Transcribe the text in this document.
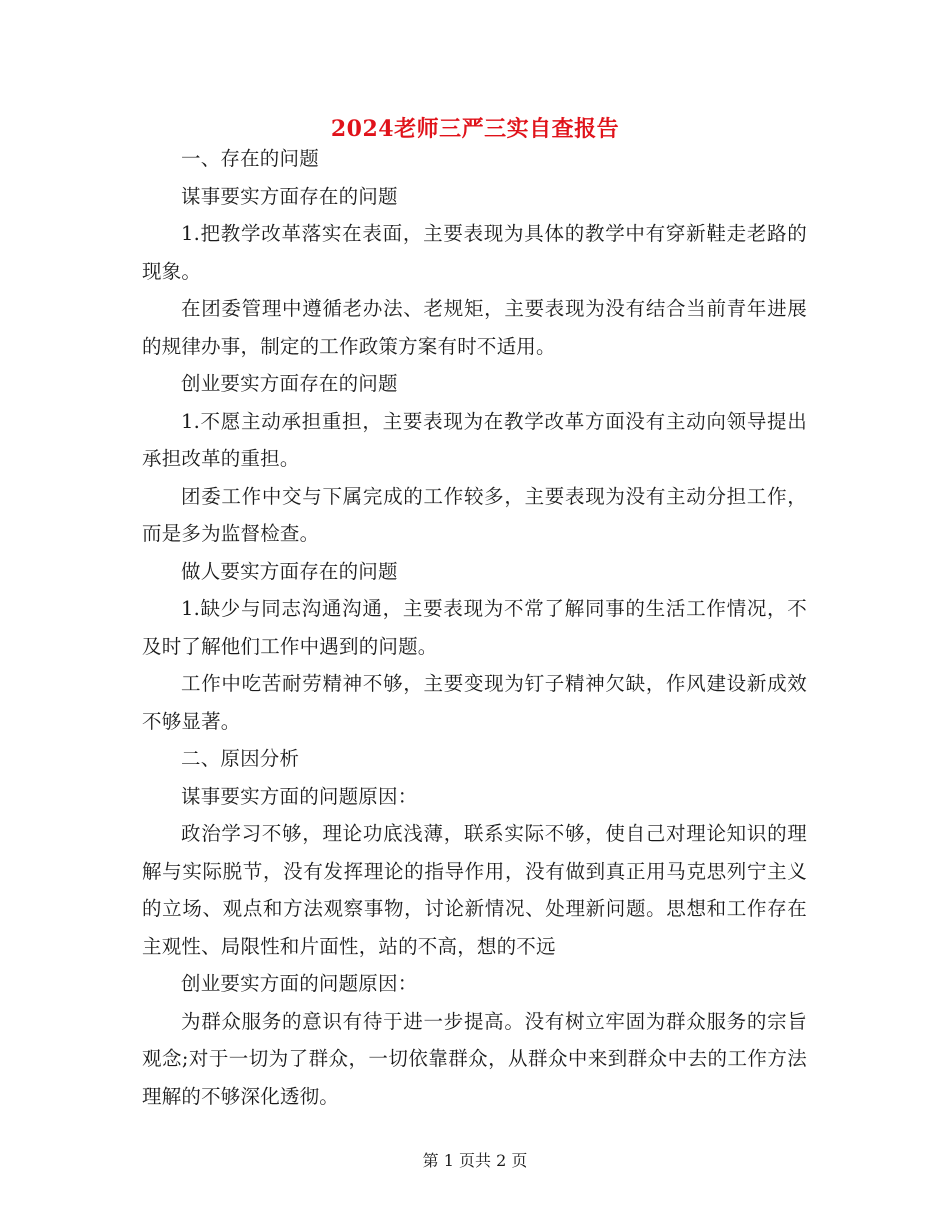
2024老师三严三实自查报告

一、存在的问题

谋事要实方面存在的问题

1.把教学改革落实在表面，主要表现为具体的教学中有穿新鞋走老路的现象。

在团委管理中遵循老办法、老规矩，主要表现为没有结合当前青年进展的规律办事，制定的工作政策方案有时不适用。

创业要实方面存在的问题

1.不愿主动承担重担，主要表现为在教学改革方面没有主动向领导提出承担改革的重担。

团委工作中交与下属完成的工作较多，主要表现为没有主动分担工作，而是多为监督检查。

做人要实方面存在的问题

1.缺少与同志沟通沟通，主要表现为不常了解同事的生活工作情况，不及时了解他们工作中遇到的问题。

工作中吃苦耐劳精神不够，主要变现为钉子精神欠缺，作风建设新成效不够显著。

二、原因分析

谋事要实方面的问题原因：

政治学习不够，理论功底浅薄，联系实际不够，使自己对理论知识的理解与实际脱节，没有发挥理论的指导作用，没有做到真正用马克思列宁主义的立场、观点和方法观察事物，讨论新情况、处理新问题。思想和工作存在主观性、局限性和片面性，站的不高，想的不远

创业要实方面的问题原因：

为群众服务的意识有待于进一步提高。没有树立牢固为群众服务的宗旨观念;对于一切为了群众，一切依靠群众，从群众中来到群众中去的工作方法理解的不够深化透彻。

第 1 页共 2 页
